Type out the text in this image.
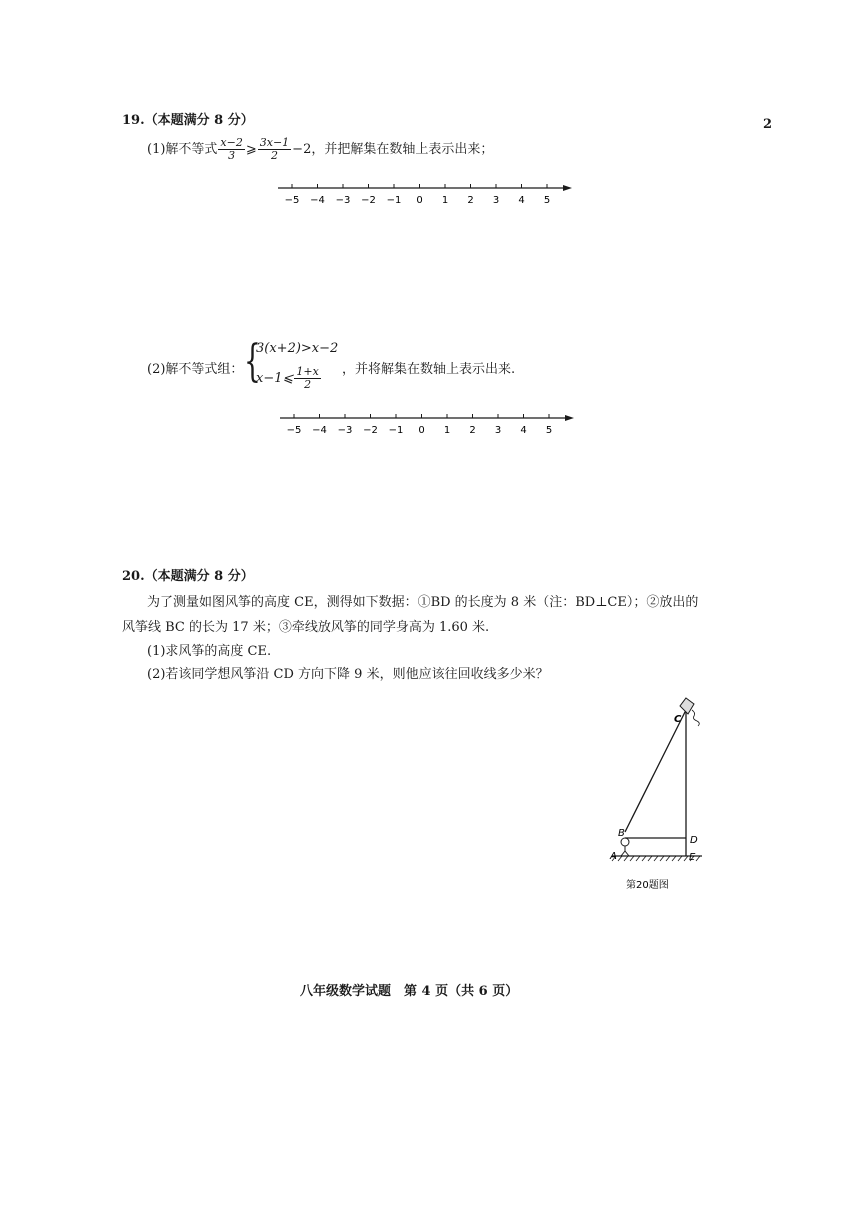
2
19.（本题满分 8 分）
(1)解不等式 $\frac{x-2}{3}$ ⩾ $\frac{3x-1}{2} -2$，并把解集在数轴上表示出来；
−5 −4 −3 −2 −1 0 1 2 3 4 5
(2)解不等式组： {
3(x+2)>x−2
x−1⩽ $\frac{1+x}{2}$ ，并将解集在数轴上表示出来.
−5 −4 −3 −2 −1 0 1 2 3 4 5
20.（本题满分 8 分）
为了测量如图风筝的高度 CE，测得如下数据：①BD 的长度为 8 米（注：BD⊥CE）；②放出的
风筝线 BC 的长为 17 米；③牵线放风筝的同学身高为 1.60 米.
(1)求风筝的高度 CE.
(2)若该同学想风筝沿 CD 方向下降 9 米，则他应该往回收线多少米？
C
B
D
A	E
第20题图
八年级数学试题　第 4 页（共 6 页）
